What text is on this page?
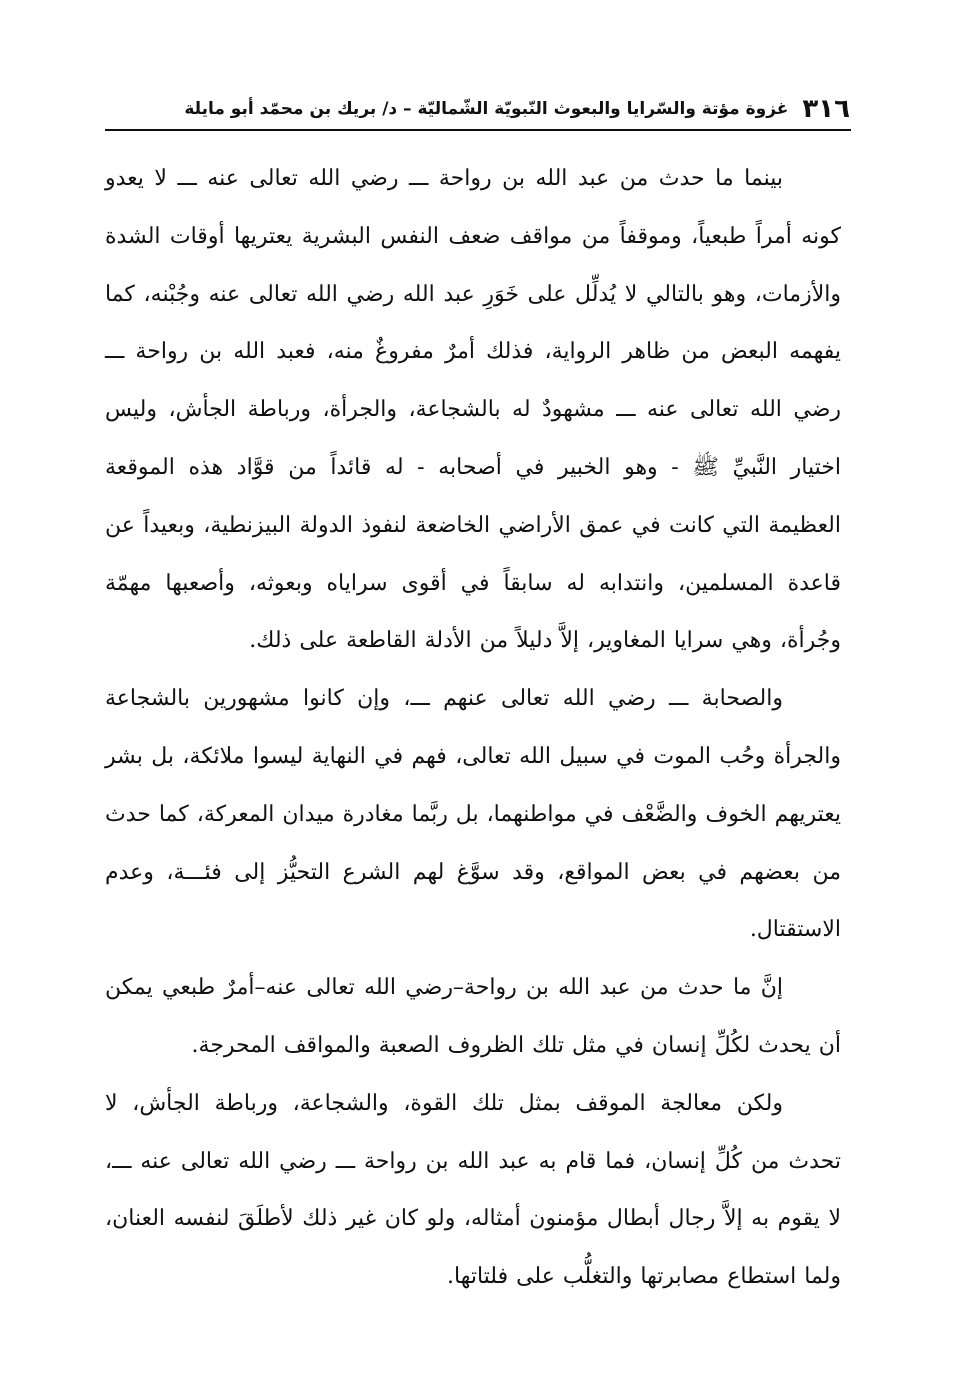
٣١٦
غزوة مؤتة والسّرايا والبعوث النّبويّة الشّماليّة – د/ بريك بن محمّد أبو مايلة

بينما ما حدث من عبد الله بن رواحة ـــ رضي الله تعالى عنه ـــ لا يعدو كونه أمراً طبعياً، وموقفاً من مواقف ضعف النفس البشرية يعتريها أوقات الشدة والأزمات، وهو بالتالي لا يُدلِّل على خَوَرِ عبد الله رضي الله تعالى عنه وجُبْنه، كما يفهمه البعض من ظاهر الرواية، فذلك أمرٌ مفروغٌ منه، فعبد الله بن رواحة ـــ رضي الله تعالى عنه ـــ مشهودٌ له بالشجاعة، والجرأة، ورباطة الجأش، وليس اختيار النَّبيِّ ﷺ - وهو الخبير في أصحابه - له قائداً من قوَّاد هذه الموقعة العظيمة التي كانت في عمق الأراضي الخاضعة لنفوذ الدولة البيزنطية، وبعيداً عن قاعدة المسلمين، وانتدابه له سابقاً في أقوى سراياه وبعوثه، وأصعبها مهمّة وجُرأة، وهي سرايا المغاوير، إلاَّ دليلاً من الأدلة القاطعة على ذلك.

والصحابة ـــ رضي الله تعالى عنهم ـــ، وإن كانوا مشهورين بالشجاعة والجرأة وحُب الموت في سبيل الله تعالى، فهم في النهاية ليسوا ملائكة، بل بشر يعتريهم الخوف والضَّعْف في مواطنهما، بل ربَّما مغادرة ميدان المعركة، كما حدث من بعضهم في بعض المواقع، وقد سوَّغ لهم الشرع التحيُّز إلى فئـــة، وعدم الاستقتال.

إنَّ ما حدث من عبد الله بن رواحة–رضي الله تعالى عنه–أمرٌ طبعي يمكن أن يحدث لكُلِّ إنسان في مثل تلك الظروف الصعبة والمواقف المحرجة.

ولكن معالجة الموقف بمثل تلك القوة، والشجاعة، ورباطة الجأش، لا تحدث من كُلِّ إنسان، فما قام به عبد الله بن رواحة ـــ رضي الله تعالى عنه ـــ، لا يقوم به إلاَّ رجال أبطال مؤمنون أمثاله، ولو كان غير ذلك لأطلَقَ لنفسه العنان، ولما استطاع مصابرتها والتغلُّب على فلتاتها.
